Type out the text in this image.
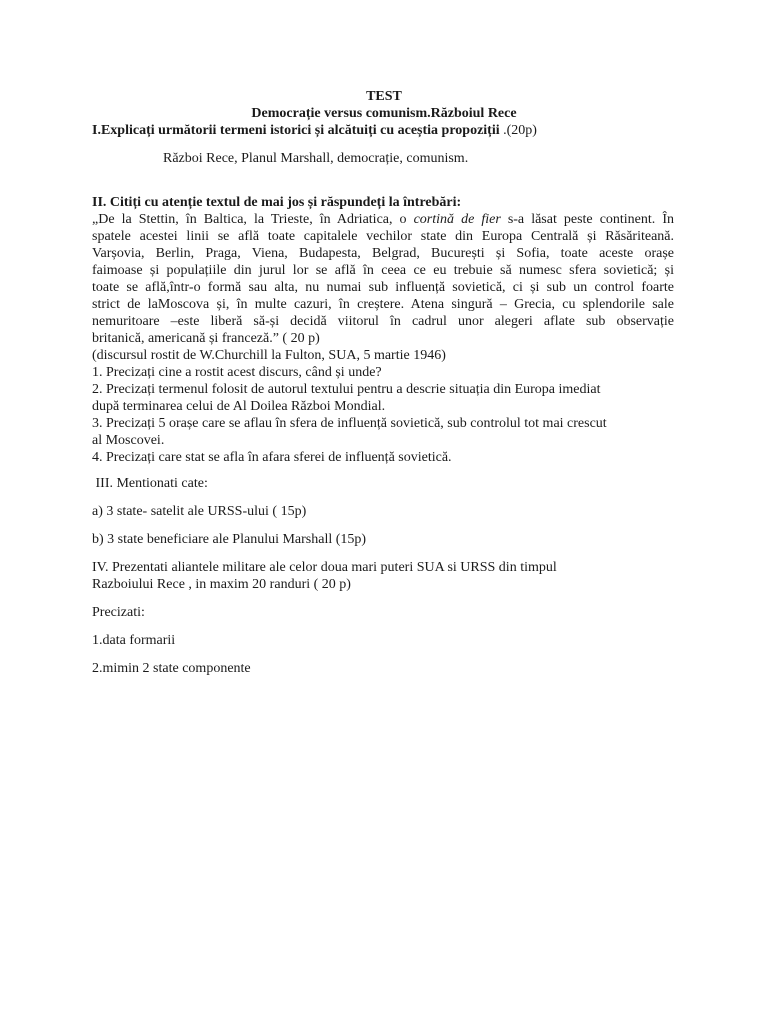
TEST
Democrație versus comunism.Războiul Rece
I.Explicați următorii termeni istorici și alcătuiți cu aceștia propoziții .(20p)
Război Rece, Planul Marshall, democrație, comunism.
II. Citiți cu atenție textul de mai jos și răspundeți la întrebări:
„De la Stettin, în Baltica, la Trieste, în Adriatica, o cortină de fier s-a lăsat peste continent. În
spatele acestei linii se află toate capitalele vechilor state din Europa Centrală și Răsăriteană.
Varșovia, Berlin, Praga, Viena, Budapesta, Belgrad, București și Sofia, toate aceste orașe
faimoase și populațiile din jurul lor se află în ceea ce eu trebuie să numesc sfera sovietică; și
toate se află,într-o formă sau alta, nu numai sub influență sovietică, ci și sub un control foarte
strict de laMoscova și, în multe cazuri, în creștere. Atena singură – Grecia, cu splendorile sale
nemuritoare –este liberă să-și decidă viitorul în cadrul unor alegeri aflate sub observație
britanică, americană și franceză.” ( 20 p)
(discursul rostit de W.Churchill la Fulton, SUA, 5 martie 1946)
1. Precizați cine a rostit acest discurs, când și unde?
2. Precizați termenul folosit de autorul textului pentru a descrie situația din Europa imediat
după terminarea celui de Al Doilea Război Mondial.
3. Precizați 5 orașe care se aflau în sfera de influență sovietică, sub controlul tot mai crescut
al Moscovei.
4. Precizați care stat se afla în afara sferei de influență sovietică.
III. Mentionati cate:
a) 3 state- satelit ale URSS-ului ( 15p)
b) 3 state beneficiare ale Planului Marshall (15p)
IV. Prezentati aliantele militare ale celor doua mari puteri SUA si URSS din timpul
Razboiului Rece , in maxim 20 randuri ( 20 p)
Precizati:
1.data formarii
2.mimin 2 state componente
